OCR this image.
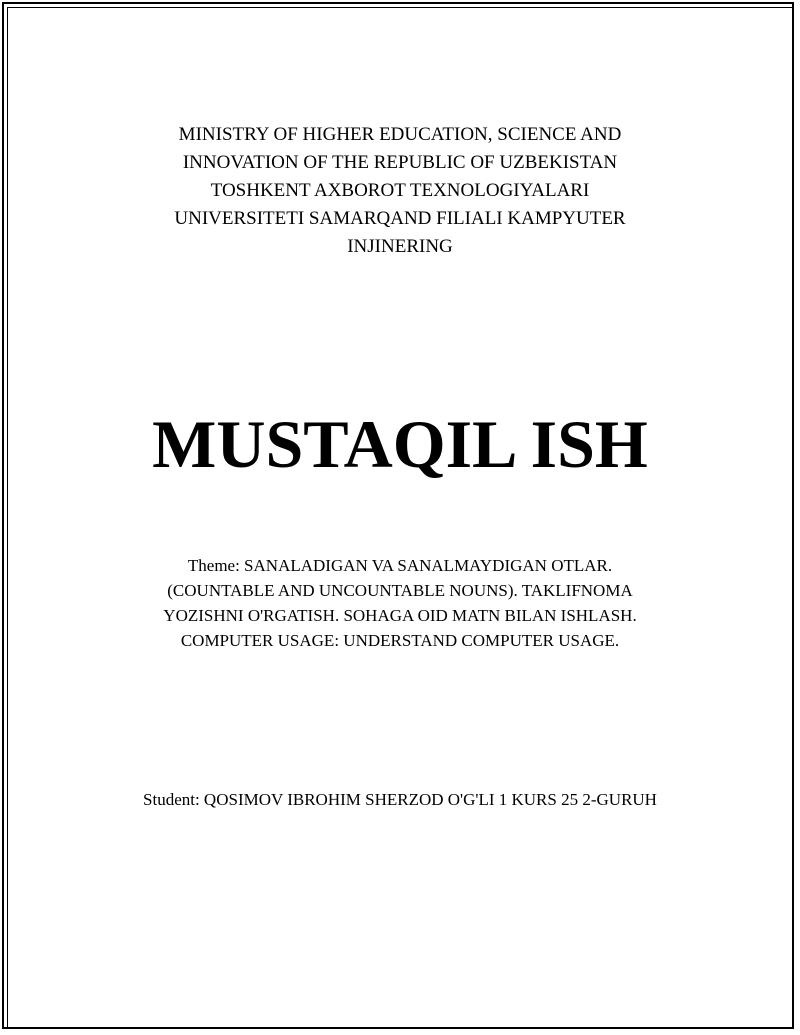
MINISTRY OF HIGHER EDUCATION, SCIENCE AND
INNOVATION OF THE REPUBLIC OF UZBEKISTAN
TOSHKENT AXBOROT TEXNOLOGIYALARI
UNIVERSITETI SAMARQAND FILIALI KAMPYUTER
INJINERING
MUSTAQIL ISH
Theme: SANALADIGAN VA SANALMAYDIGAN OTLAR.
(COUNTABLE AND UNCOUNTABLE NOUNS). TAKLIFNOMA
YOZISHNI O'RGATISH. SOHAGA OID MATN BILAN ISHLASH.
COMPUTER USAGE: UNDERSTAND COMPUTER USAGE.
Student: QOSIMOV IBROHIM SHERZOD O'G'LI 1 KURS 25 2-GURUH
